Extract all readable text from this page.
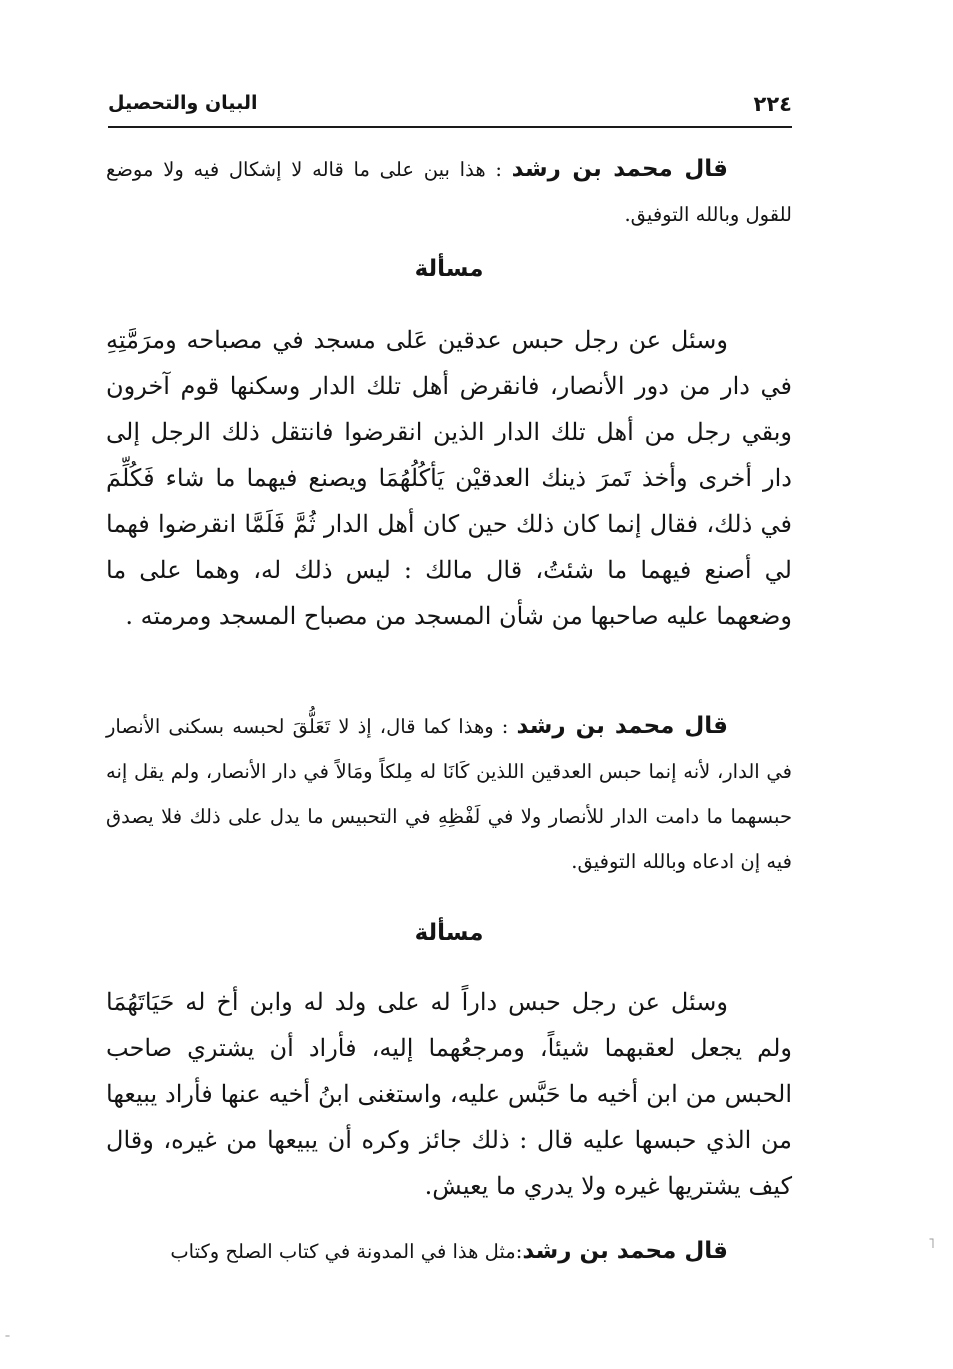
٢٢٤
البيان والتحصيل
قال محمد بن رشد : هذا بين على ما قاله لا إشكال فيه ولا موضع للقول وبالله التوفيق.
مسألة
وسئل عن رجل حبس عدقين عَلى مسجد في مصباحه ومرَمَّتِهِ في دار من دور الأنصار، فانقرض أهل تلك الدار وسكنها قوم آخرون وبقي رجل من أهل تلك الدار الذين انقرضوا فانتقل ذلك الرجل إلى دار أخرى وأخذ تَمرَ ذينك العدقيْن يَأكُلُهُمَا ويصنع فيهما ما شاء فَكُلِّمَ في ذلك، فقال إنما كان ذلك حين كان أهل الدار ثُمَّ فَلَمَّا انقرضوا فهما لي أصنع فيهما ما شئتُ، قال مالك : ليس ذلك له، وهما على ما وضعهما عليه صاحبها من شأن المسجد من مصباح المسجد ومرمته .
قال محمد بن رشد : وهذا كما قال، إذ لا تَعَلُّقَ لحبسه بسكنى الأنصار في الدار، لأنه إنما حبس العدقين اللذين كَانَا له مِلكاً ومَالاً في دار الأنصار، ولم يقل إنه حبسهما ما دامت الدار للأنصار ولا في لَفْظِهِ في التحبيس ما يدل على ذلك فلا يصدق فيه إن ادعاه وبالله التوفيق.
مسألة
وسئل عن رجل حبس داراً له على ولد له وابن أخ له حَيَاتَهُمَا ولم يجعل لعقبهما شيئاً، ومرجعُهما إليه، فأراد أن يشتري صاحب الحبس من ابن أخيه ما حَبَّس عليه، واستغنى ابنُ أخيه عنها فأراد يبيعها من الذي حبسها عليه قال : ذلك جائز وكره أن يبيعها من غيره، وقال كيف يشتريها غيره ولا يدري ما يعيش.
قال محمد بن رشد:مثل هذا في المدونة في كتاب الصلح وكتاب
ˉ
˥
